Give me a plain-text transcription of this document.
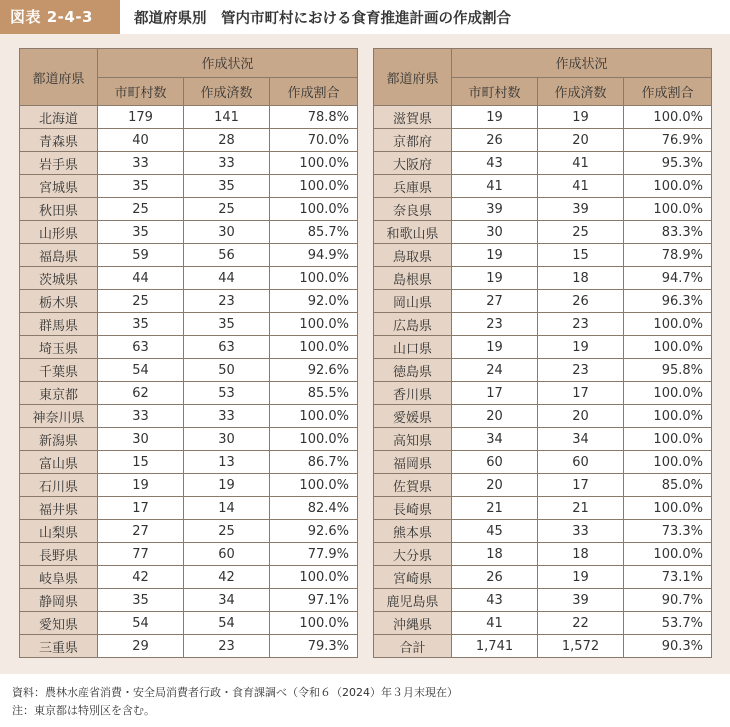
図表 2-4-3	都道府県別　管内市町村における食育推進計画の作成割合
都道府県	作成状況		
	市町村数	作成済数	作成割合
北海道	179	141	78.8%
青森県	40	28	70.0%
岩手県	33	33	100.0%
宮城県	35	35	100.0%
秋田県	25	25	100.0%
山形県	35	30	85.7%
福島県	59	56	94.9%
茨城県	44	44	100.0%
栃木県	25	23	92.0%
群馬県	35	35	100.0%
埼玉県	63	63	100.0%
千葉県	54	50	92.6%
東京都	62	53	85.5%
神奈川県	33	33	100.0%
新潟県	30	30	100.0%
富山県	15	13	86.7%
石川県	19	19	100.0%
福井県	17	14	82.4%
山梨県	27	25	92.6%
長野県	77	60	77.9%
岐阜県	42	42	100.0%
静岡県	35	34	97.1%
愛知県	54	54	100.0%
三重県	29	23	79.3%
都道府県	作成状況		
	市町村数	作成済数	作成割合
滋賀県	19	19	100.0%
京都府	26	20	76.9%
大阪府	43	41	95.3%
兵庫県	41	41	100.0%
奈良県	39	39	100.0%
和歌山県	30	25	83.3%
鳥取県	19	15	78.9%
島根県	19	18	94.7%
岡山県	27	26	96.3%
広島県	23	23	100.0%
山口県	19	19	100.0%
徳島県	24	23	95.8%
香川県	17	17	100.0%
愛媛県	20	20	100.0%
高知県	34	34	100.0%
福岡県	60	60	100.0%
佐賀県	20	17	85.0%
長崎県	21	21	100.0%
熊本県	45	33	73.3%
大分県	18	18	100.0%
宮崎県	26	19	73.1%
鹿児島県	43	39	90.7%
沖縄県	41	22	53.7%
合計	1,741	1,572	90.3%
資料：農林水産省消費・安全局消費者行政・食育課調べ（令和６（2024）年３月末現在）
注：東京都は特別区を含む。
